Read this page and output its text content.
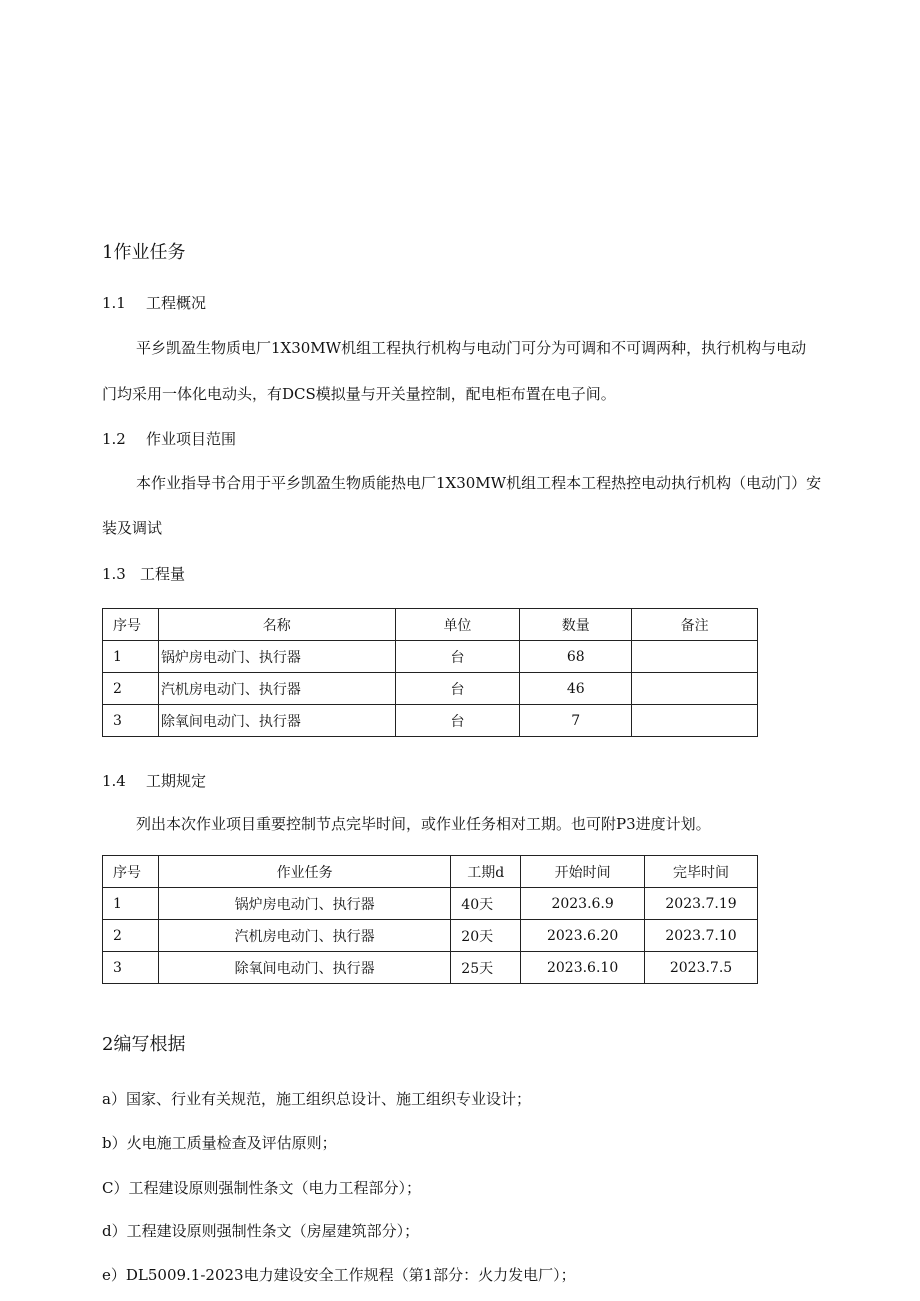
1作业任务
1.1 工程概况
平乡凯盈生物质电厂1X30MW机组工程执行机构与电动门可分为可调和不可调两种，执行机构与电动
门均采用一体化电动头，有DCS模拟量与开关量控制，配电柜布置在电子间。
1.2 作业项目范围
本作业指导书合用于平乡凯盈生物质能热电厂1X30MW机组工程本工程热控电动执行机构（电动门）安
装及调试
1.3 工程量
序号	名称	单位	数量	备注
1	锅炉房电动门、执行器	台	68	
2	汽机房电动门、执行器	台	46	
3	除氧间电动门、执行器	台	7	
1.4 工期规定
列出本次作业项目重要控制节点完毕时间，或作业任务相对工期。也可附P3进度计划。
序号	作业任务	工期d	开始时间	完毕时间
1	锅炉房电动门、执行器	40天	2023.6.9	2023.7.19
2	汽机房电动门、执行器	20天	2023.6.20	2023.7.10
3	除氧间电动门、执行器	25天	2023.6.10	2023.7.5
2编写根据
a）国家、行业有关规范，施工组织总设计、施工组织专业设计；
b）火电施工质量检查及评估原则；
C）工程建设原则强制性条文（电力工程部分）；
d）工程建设原则强制性条文（房屋建筑部分）；
e）DL5009.1-2023电力建设安全工作规程（第1部分：火力发电厂）；
